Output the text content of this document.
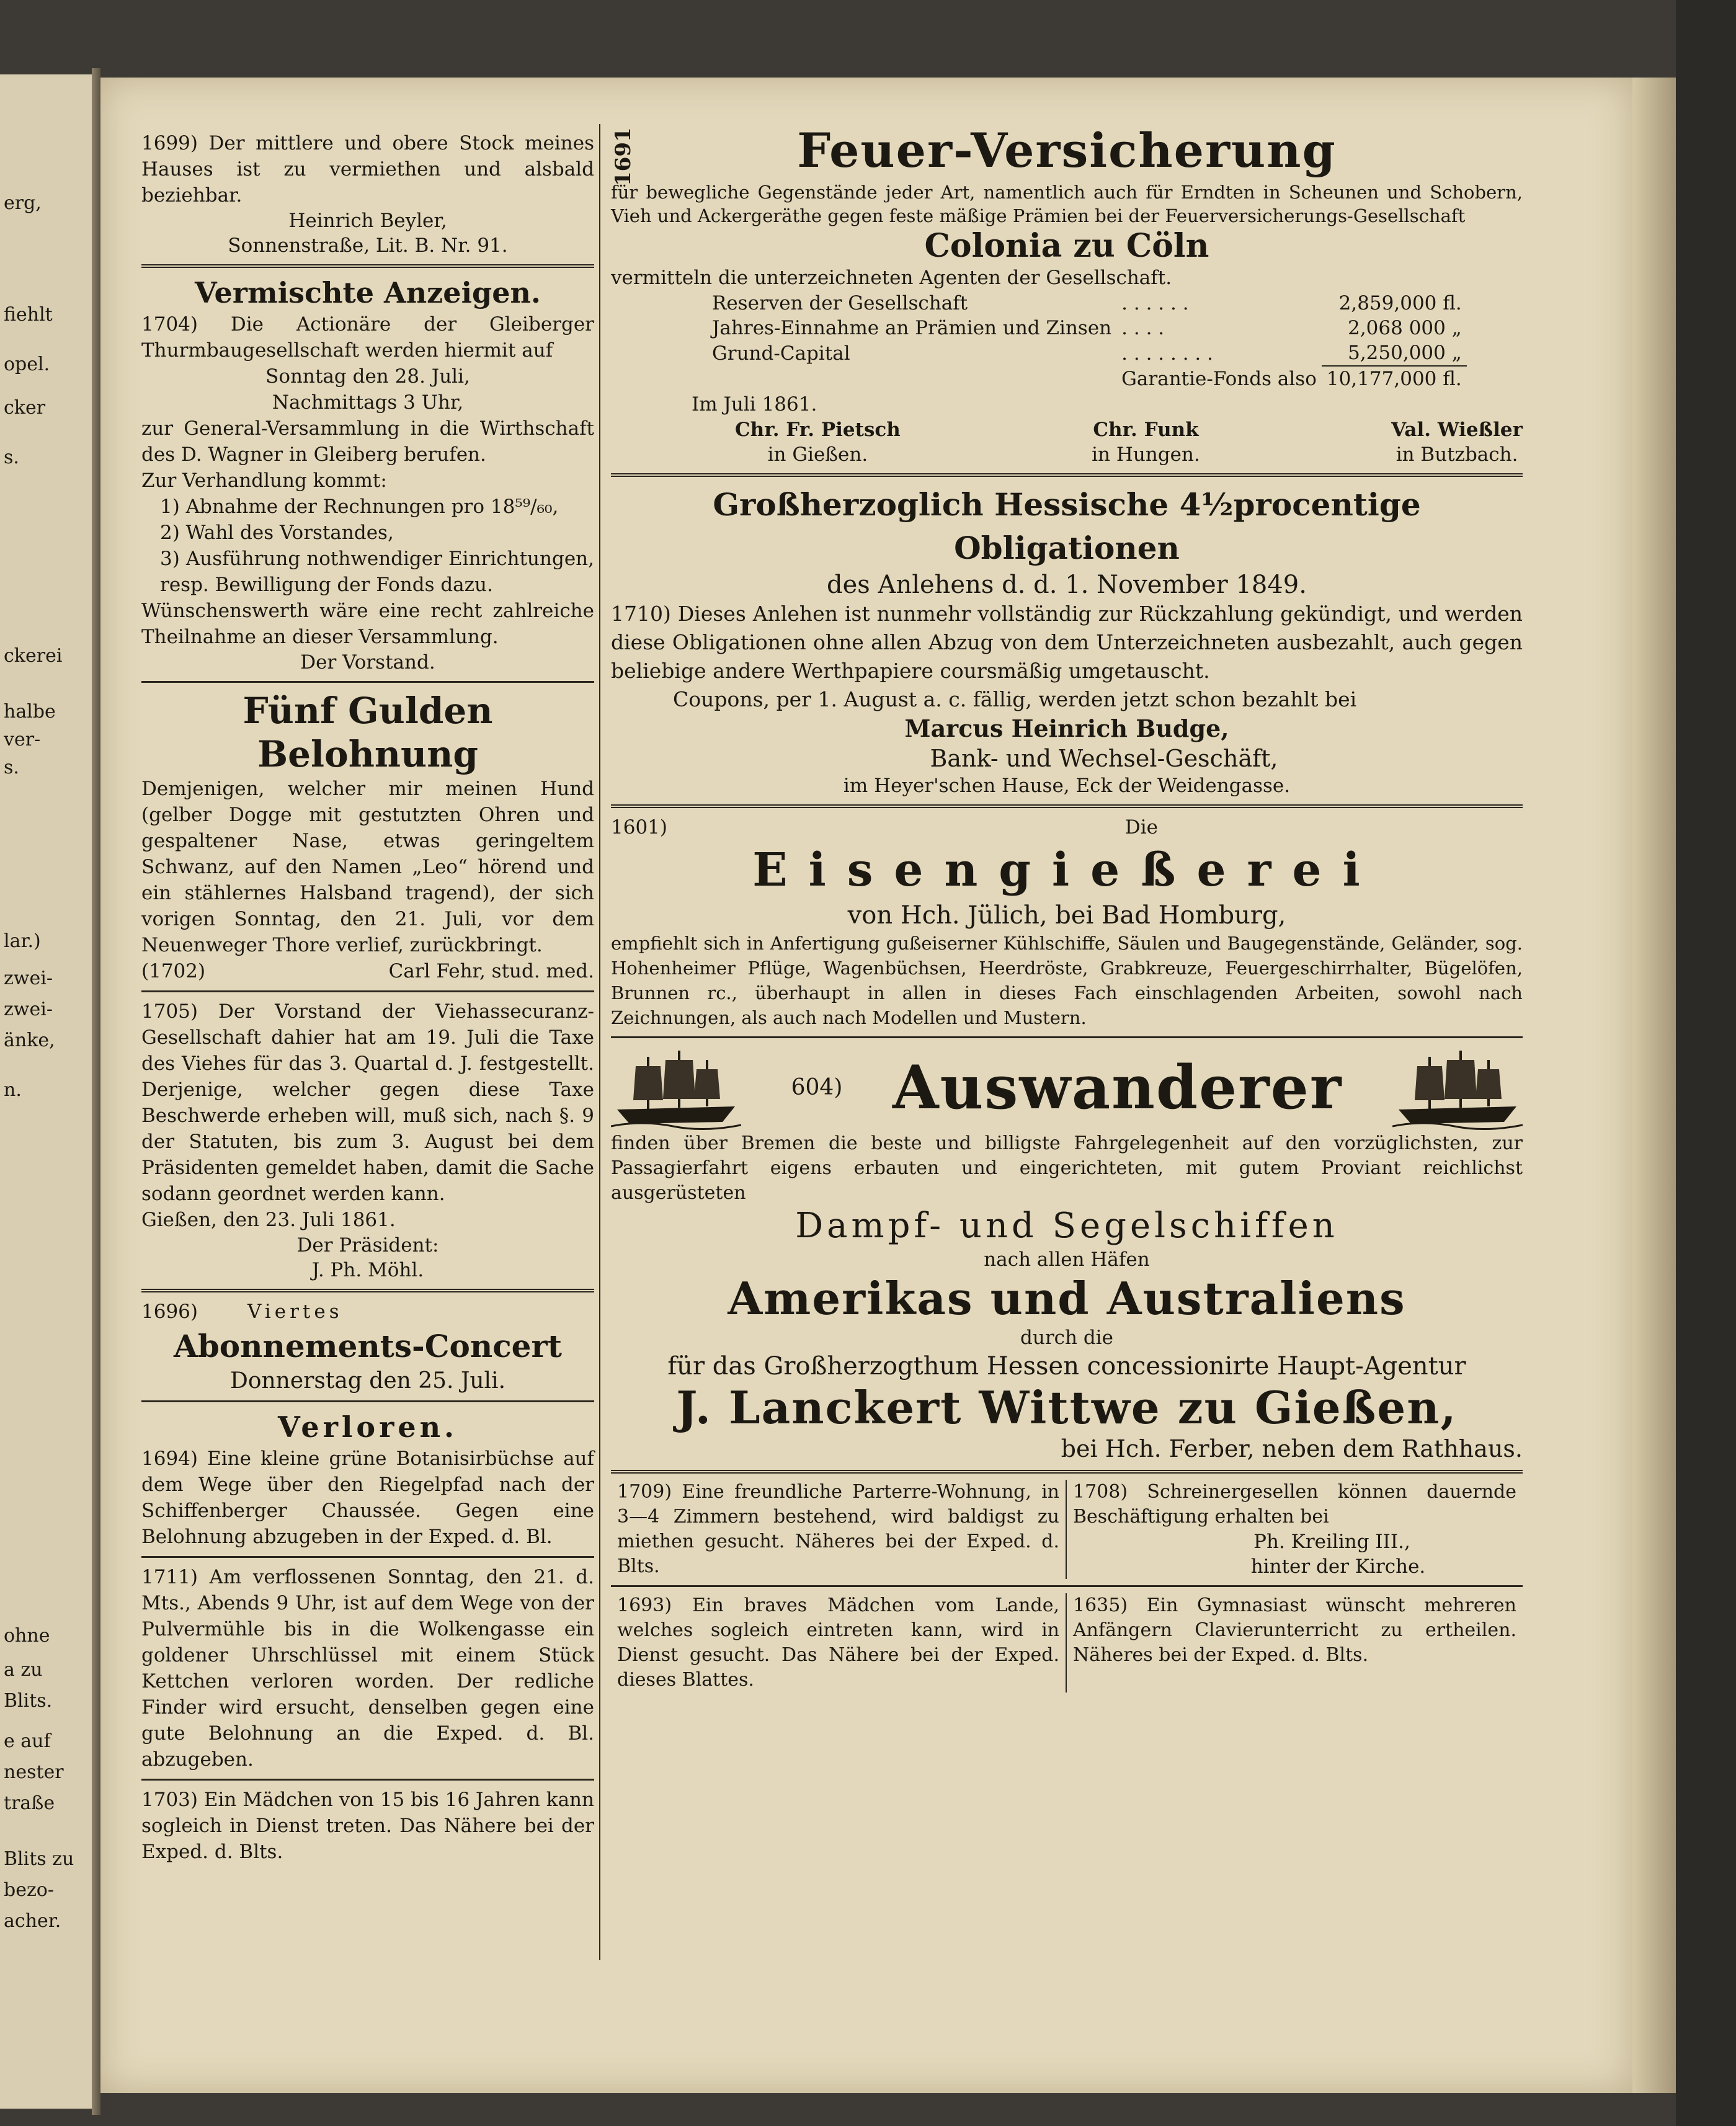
erg,
fiehlt
opel.
cker
s.
ckerei
halbe
ver-
s.
lar.)
zwei-
zwei-
änke,
n.
ohne
a zu
Blits.
e auf
nester
traße
Blits zu
bezo-
acher.
1691

1699) Der mittlere und obere Stock meines Hauses ist zu vermiethen und alsbald beziehbar.

Heinrich Beyler,

Sonnenstraße, Lit. B. Nr. 91.

Vermischte Anzeigen.

1704) Die Actionäre der Gleiberger Thurmbaugesellschaft werden hiermit auf

Sonntag den 28. Juli,

Nachmittags 3 Uhr,

zur General-Versammlung in die Wirthschaft des D. Wagner in Gleiberg berufen.

Zur Verhandlung kommt:

1) Abnahme der Rechnungen pro 18⁵⁹/₆₀,

2) Wahl des Vorstandes,

3) Ausführung nothwendiger Einrichtungen, resp. Bewilligung der Fonds dazu.

Wünschenswerth wäre eine recht zahlreiche Theilnahme an dieser Versammlung.

Der Vorstand.

Fünf Gulden Belohnung

Demjenigen, welcher mir meinen Hund (gelber Dogge mit gestutzten Ohren und gespaltener Nase, etwas geringeltem Schwanz, auf den Namen „Leo“ hörend und ein stählernes Halsband tragend), der sich vorigen Sonntag, den 21. Juli, vor dem Neuenweger Thore verlief, zurückbringt.

(1702)	Carl Fehr, stud. med.

1705) Der Vorstand der Viehassecuranz-Gesellschaft dahier hat am 19. Juli die Taxe des Viehes für das 3. Quartal d. J. festgestellt. Derjenige, welcher gegen diese Taxe Beschwerde erheben will, muß sich, nach §. 9 der Statuten, bis zum 3. August bei dem Präsidenten gemeldet haben, damit die Sache sodann geordnet werden kann.

Gießen, den 23. Juli 1861.

Der Präsident:

J. Ph. Möhl.

1696)	Viertes

Abonnements-Concert

Donnerstag den 25. Juli.

Verloren.

1694) Eine kleine grüne Botanisirbüchse auf dem Wege über den Riegelpfad nach der Schiffenberger Chaussée. Gegen eine Belohnung abzugeben in der Exped. d. Bl.

1711) Am verflossenen Sonntag, den 21. d. Mts., Abends 9 Uhr, ist auf dem Wege von der Pulvermühle bis in die Wolkengasse ein goldener Uhrschlüssel mit einem Stück Kettchen verloren worden. Der redliche Finder wird ersucht, denselben gegen eine gute Belohnung an die Exped. d. Bl. abzugeben.

1703) Ein Mädchen von 15 bis 16 Jahren kann sogleich in Dienst treten. Das Nähere bei der Exped. d. Blts.

Feuer-Versicherung

für bewegliche Gegenstände jeder Art, namentlich auch für Erndten in Scheunen und Schobern, Vieh und Ackergeräthe gegen feste mäßige Prämien bei der Feuerversicherungs-Gesellschaft

Colonia zu Cöln

vermitteln die unterzeichneten Agenten der Gesellschaft.

Reserven der Gesellschaft	. . . . . .	2,859,000 fl.
Jahres-Einnahme an Prämien und Zinsen	. . . .	2,068 000 „
Grund-Capital	. . . . . . . .	5,250,000 „
	Garantie-Fonds also	10,177,000 fl.

Im Juli 1861.

Chr. Fr. Pietsch
in Gießen.
Chr. Funk
in Hungen.
Val. Wießler
in Butzbach.

Großherzoglich Hessische 4½procentige Obligationen

des Anlehens d. d. 1. November 1849.

1710) Dieses Anlehen ist nunmehr vollständig zur Rückzahlung gekündigt, und werden diese Obligationen ohne allen Abzug von dem Unterzeichneten ausbezahlt, auch gegen beliebige andere Werthpapiere coursmäßig umgetauscht.

Coupons, per 1. August a. c. fällig, werden jetzt schon bezahlt bei

Marcus Heinrich Budge,

Bank- und Wechsel-Geschäft,

im Heyer'schen Hause, Eck der Weidengasse.

1601)	Die

Eisengießerei

von Hch. Jülich, bei Bad Homburg,

empfiehlt sich in Anfertigung gußeiserner Kühlschiffe, Säulen und Baugegenstände, Geländer, sog. Hohenheimer Pflüge, Wagenbüchsen, Heerdröste, Grabkreuze, Feuergeschirrhalter, Bügelöfen, Brunnen rc., überhaupt in allen in dieses Fach einschlagenden Arbeiten, sowohl nach Zeichnungen, als auch nach Modellen und Mustern.

604) Auswanderer

finden über Bremen die beste und billigste Fahrgelegenheit auf den vorzüglichsten, zur Passagierfahrt eigens erbauten und eingerichteten, mit gutem Proviant reichlichst ausgerüsteten

Dampf- und Segelschiffen

nach allen Häfen

Amerikas und Australiens

durch die

für das Großherzogthum Hessen concessionirte Haupt-Agentur

J. Lanckert Wittwe zu Gießen,

bei Hch. Ferber, neben dem Rathhaus.

1709) Eine freundliche Parterre-Wohnung, in 3—4 Zimmern bestehend, wird baldigst zu miethen gesucht. Näheres bei der Exped. d. Blts.

1708) Schreinergesellen können dauernde Beschäftigung erhalten bei

Ph. Kreiling III.,

hinter der Kirche.

1693) Ein braves Mädchen vom Lande, welches sogleich eintreten kann, wird in Dienst gesucht. Das Nähere bei der Exped. dieses Blattes.

1635) Ein Gymnasiast wünscht mehreren Anfängern Clavierunterricht zu ertheilen. Näheres bei der Exped. d. Blts.
